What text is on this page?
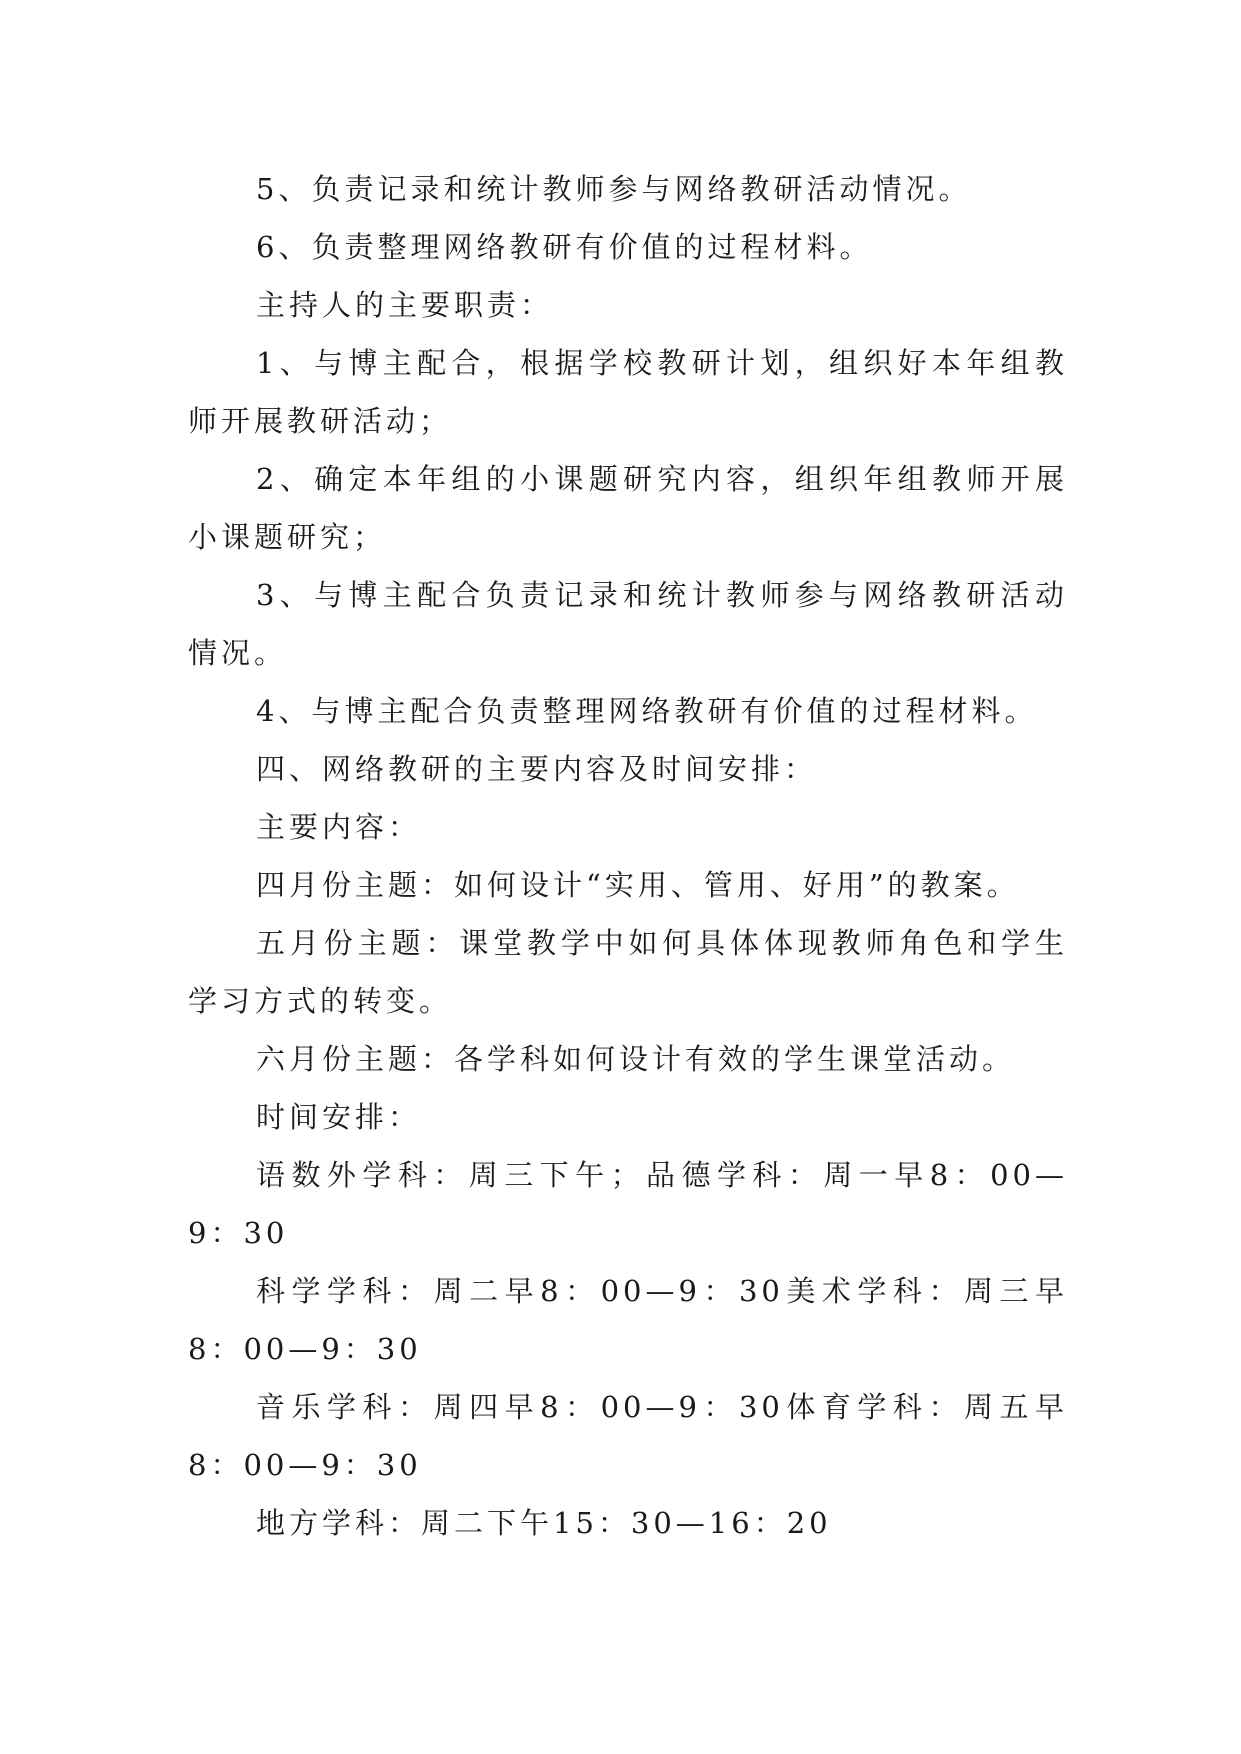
5、负责记录和统计教师参与网络教研活动情况。

6、负责整理网络教研有价值的过程材料。

主持人的主要职责：

1、与博主配合，根据学校教研计划，组织好本年组教师开展教研活动；

2、确定本年组的小课题研究内容，组织年组教师开展小课题研究；

3、与博主配合负责记录和统计教师参与网络教研活动情况。

4、与博主配合负责整理网络教研有价值的过程材料。

四、网络教研的主要内容及时间安排：

主要内容：

四月份主题：如何设计“实用、管用、好用”的教案。

五月份主题：课堂教学中如何具体体现教师角色和学生学习方式的转变。

六月份主题：各学科如何设计有效的学生课堂活动。

时间安排：

语数外学科：周三下午；品德学科：周一早8：00—9：30

科学学科：周二早8：00—9：30美术学科：周三早8：00—9：30

音乐学科：周四早8：00—9：30体育学科：周五早8：00—9：30

地方学科：周二下午15：30—16：20
